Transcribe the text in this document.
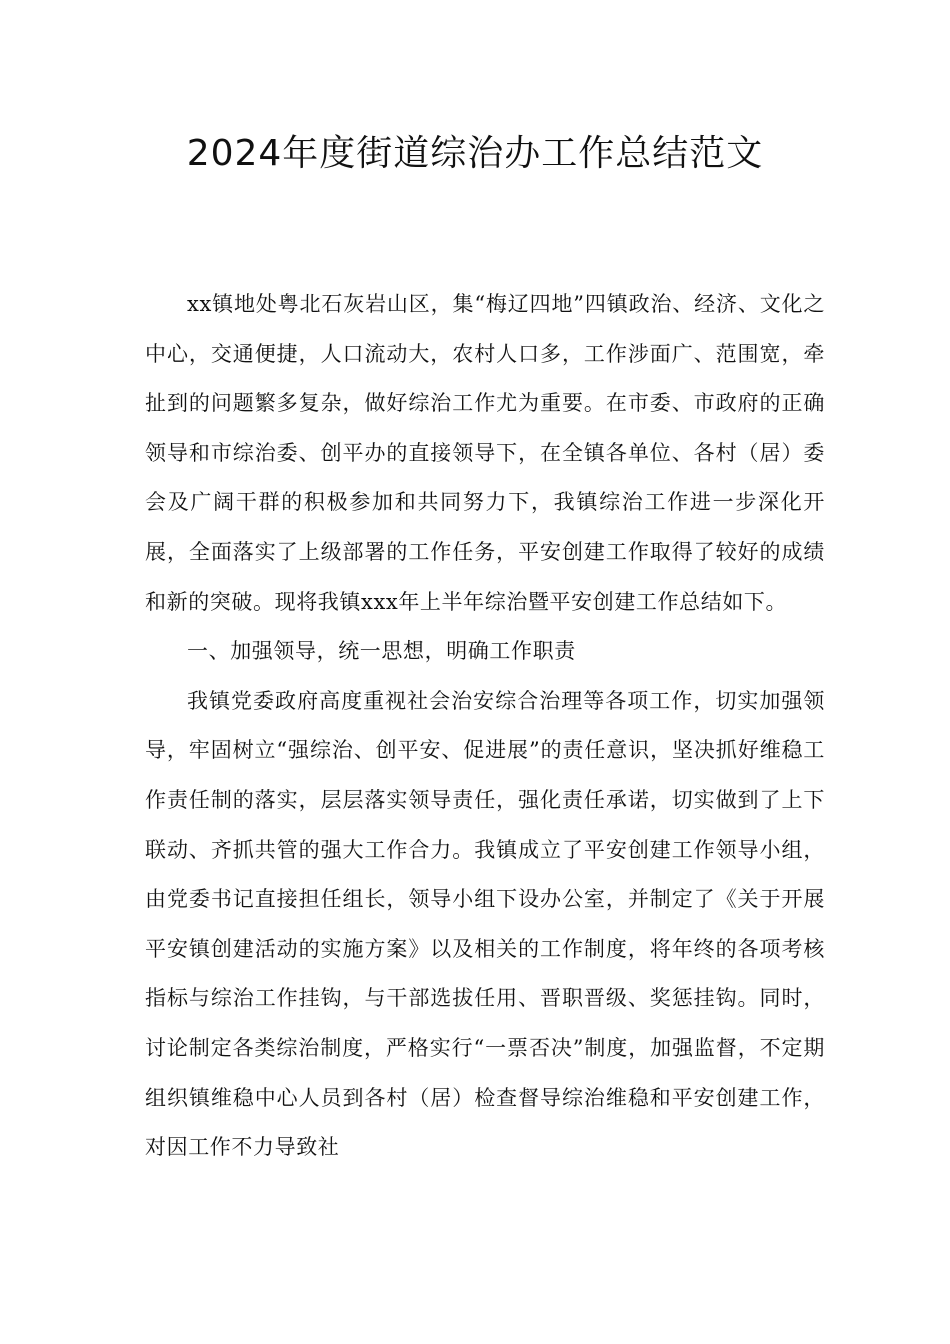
2024年度街道综治办工作总结范文

xx镇地处粤北石灰岩山区，集“梅辽四地”四镇政治、经济、文化之中心，交通便捷，人口流动大，农村人口多，工作涉面广、范围宽，牵扯到的问题繁多复杂，做好综治工作尤为重要。在市委、市政府的正确领导和市综治委、创平办的直接领导下，在全镇各单位、各村（居）委会及广阔干群的积极参加和共同努力下，我镇综治工作进一步深化开展，全面落实了上级部署的工作任务，平安创建工作取得了较好的成绩和新的突破。现将我镇xxx年上半年综治暨平安创建工作总结如下。

一、加强领导，统一思想，明确工作职责

我镇党委政府高度重视社会治安综合治理等各项工作，切实加强领导，牢固树立“强综治、创平安、促进展”的责任意识，坚决抓好维稳工作责任制的落实，层层落实领导责任，强化责任承诺，切实做到了上下联动、齐抓共管的强大工作合力。我镇成立了平安创建工作领导小组，由党委书记直接担任组长，领导小组下设办公室，并制定了《关于开展平安镇创建活动的实施方案》以及相关的工作制度，将年终的各项考核指标与综治工作挂钩，与干部选拔任用、晋职晋级、奖惩挂钩。同时，讨论制定各类综治制度，严格实行“一票否决”制度，加强监督，不定期组织镇维稳中心人员到各村（居）检查督导综治维稳和平安创建工作，对因工作不力导致社
